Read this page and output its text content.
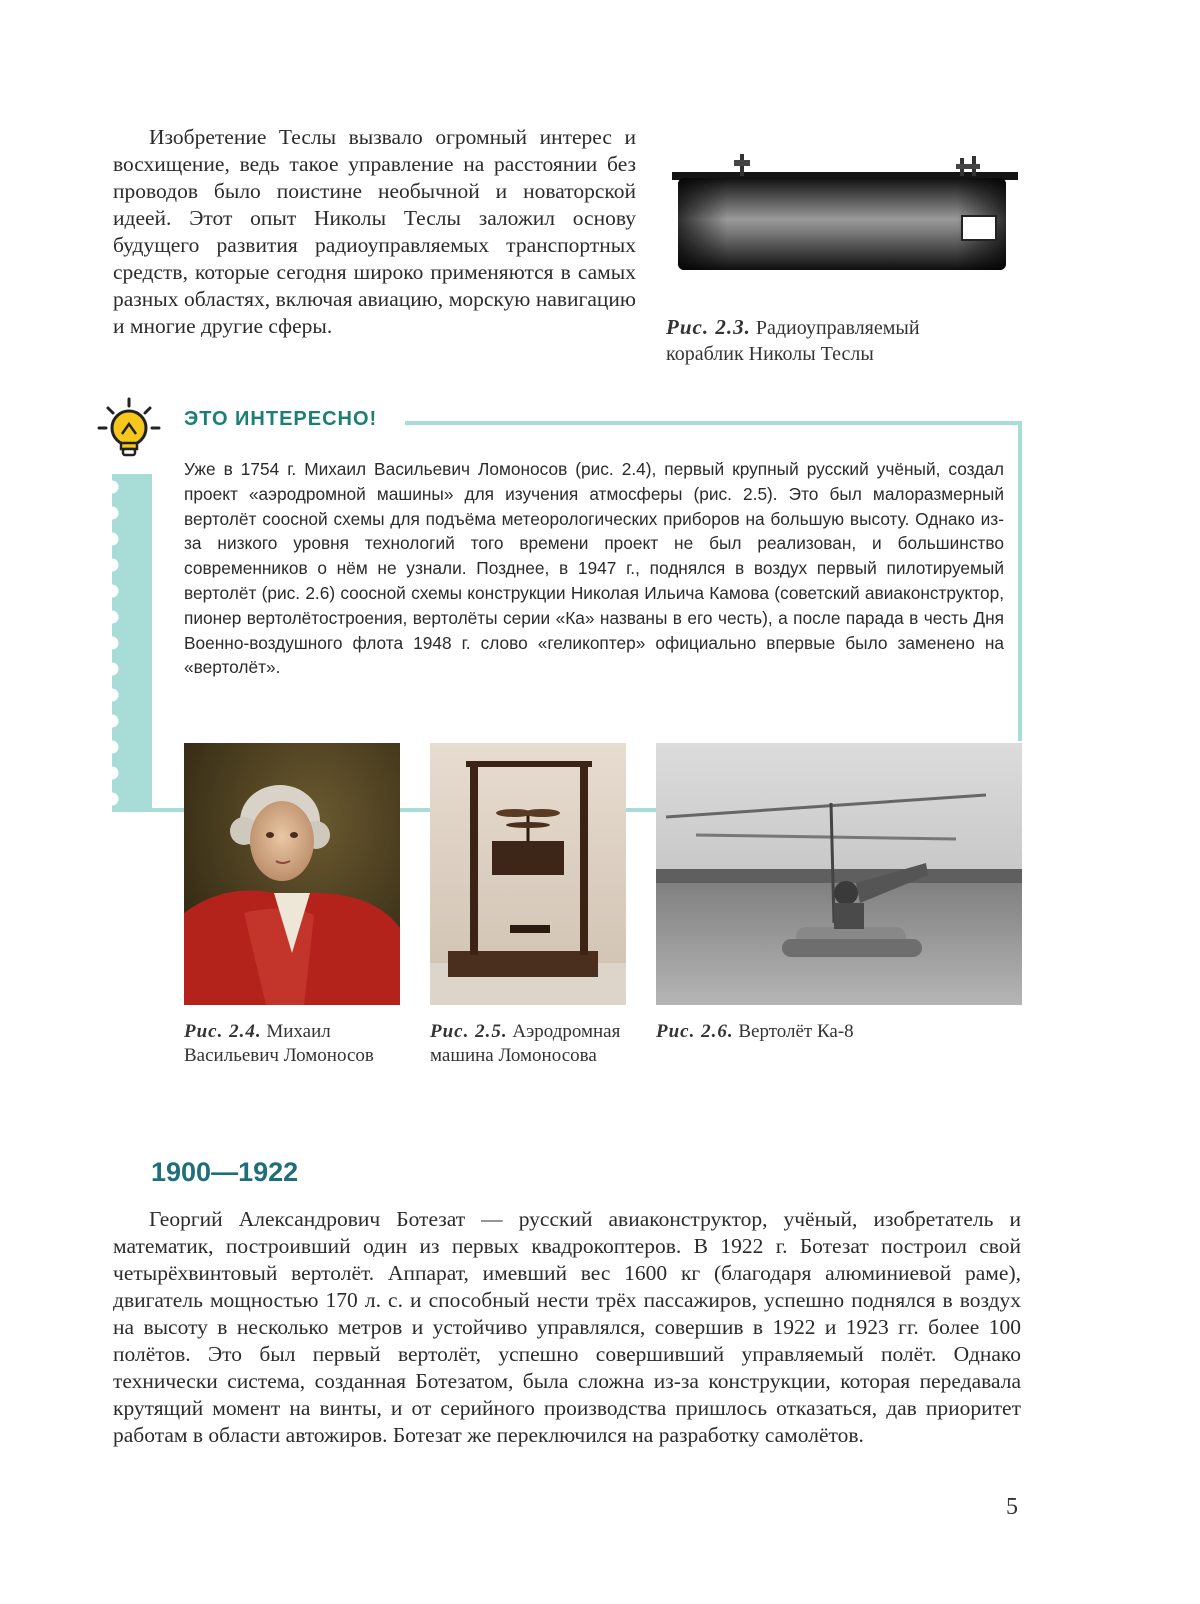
Изобретение Теслы вызвало огромный интерес и восхищение, ведь такое управление на расстоянии без проводов было поистине необычной и новаторской идеей. Этот опыт Николы Теслы заложил основу будущего развития радиоуправляемых транспортных средств, которые сегодня широко применяются в самых разных областях, включая авиацию, морскую навигацию и многие другие сферы.	Рис. 2.3. Радиоуправляемый кораблик Николы Теслы
ЭТО ИНТЕРЕСНО!

Уже в 1754 г. Михаил Васильевич Ломоносов (рис. 2.4), первый крупный русский учёный, создал проект «аэродромной машины» для изучения атмосферы (рис. 2.5). Это был малоразмерный вертолёт соосной схемы для подъёма метеорологических приборов на большую высоту. Однако из-за низкого уровня технологий того времени проект не был реализован, и большинство современников о нём не узнали. Позднее, в 1947 г., поднялся в воздух первый пилотируемый вертолёт (рис. 2.6) соосной схемы конструкции Николая Ильича Камова (советский авиаконструктор, пионер вертолётостроения, вертолёты серии «Ка» названы в его честь), а после парада в честь Дня Военно-воздушного флота 1948 г. слово «геликоптер» официально впервые было заменено на «вертолёт».

Рис. 2.4. Михаил Васильевич Ломоносов
Рис. 2.5. Аэродромная машина Ломоносова
Рис. 2.6. Вертолёт Ка-8
1900—1922

Георгий Александрович Ботезат — русский авиаконструктор, учёный, изобретатель и математик, построивший один из первых квадрокоптеров. В 1922 г. Ботезат построил свой четырёхвинтовый вертолёт. Аппарат, имевший вес 1600 кг (благодаря алюминиевой раме), двигатель мощностью 170 л. с. и способный нести трёх пассажиров, успешно поднялся в воздух на высоту в несколько метров и устойчиво управлялся, совершив в 1922 и 1923 гг. более 100 полётов. Это был первый вертолёт, успешно совершивший управляемый полёт. Однако технически система, созданная Ботезатом, была сложна из-за конструкции, которая передавала крутящий момент на винты, и от серийного производства пришлось отказаться, дав приоритет работам в области автожиров. Ботезат же переключился на разработку самолётов.

5
